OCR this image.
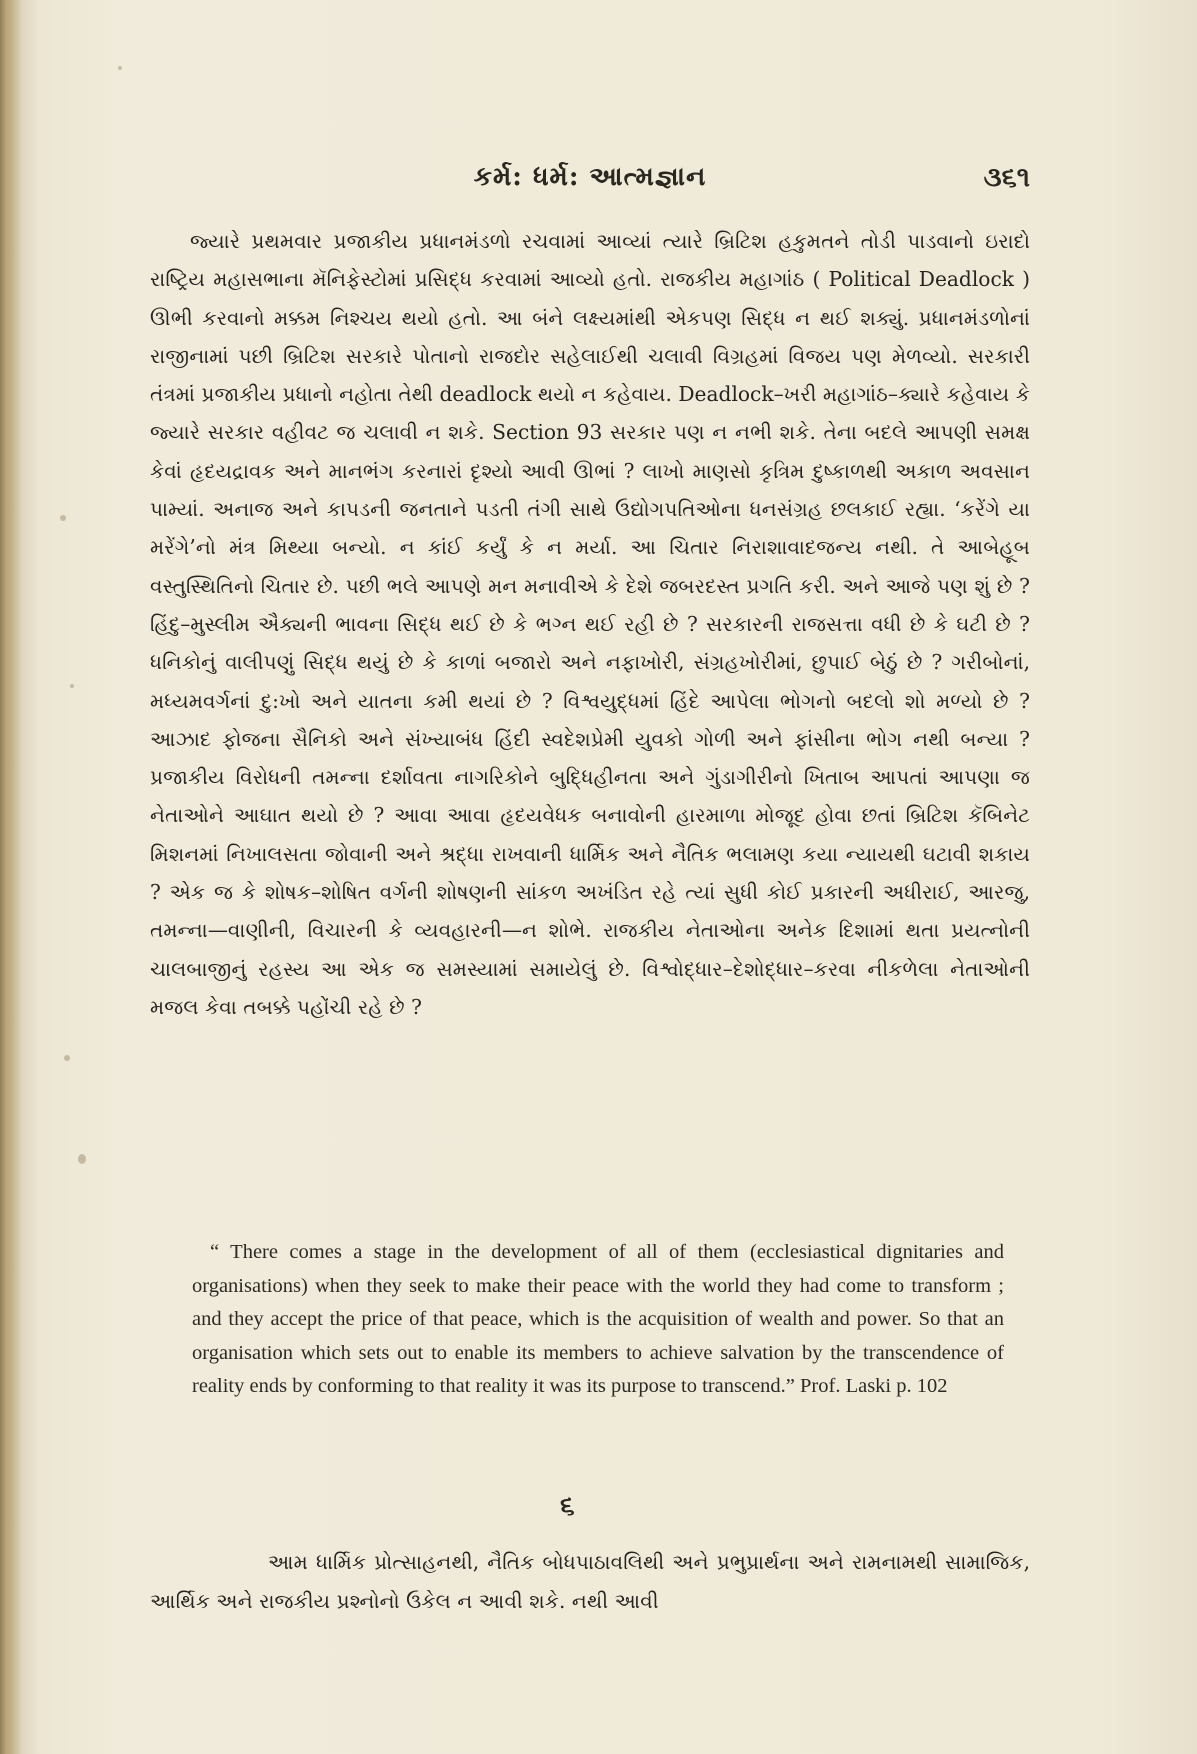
કર્મ: ધર્મ: આત્મજ્ઞાન	૩૬૧

જ્યારે પ્રથમવાર પ્રજાકીય પ્રધાનમંડળો રચવામાં આવ્યાં ત્યારે બ્રિટિશ હકુમતને તોડી પાડવાનો ઇરાદો રાષ્ટ્રિય મહાસભાના મૅનિફેસ્ટોમાં પ્રસિદ્ધ કરવામાં આવ્યો હતો. રાજકીય મહાગાંઠ ( Political Deadlock ) ઊભી કરવાનો મક્કમ નિશ્ચય થયો હતો. આ બંને લક્ષ્યમાંથી એકપણ સિદ્ધ ન થઈ શક્યું. પ્રધાનમંડળોનાં રાજીનામાં પછી બ્રિટિશ સરકારે પોતાનો રાજદોર સહેલાઈથી ચલાવી વિગ્રહમાં વિજય પણ મેળવ્યો. સરકારી તંત્રમાં પ્રજાકીય પ્રધાનો નહોતા તેથી deadlock થયો ન કહેવાય. Deadlock–ખરી મહાગાંઠ–ક્યારે કહેવાય કે જ્યારે સરકાર વહીવટ જ ચલાવી ન શકે. Section 93 સરકાર પણ ન નભી શકે. તેના બદલે આપણી સમક્ષ કેવાં હૃદયદ્રાવક અને માનભંગ કરનારાં દૃશ્યો આવી ઊભાં ? લાખો માણસો કૃત્રિમ દુષ્કાળથી અકાળ અવસાન પામ્યાં. અનાજ અને કાપડની જનતાને પડતી તંગી સાથે ઉદ્યોગપતિઓના ધનસંગ્રહ છલકાઈ રહ્યા. ‘કરેંગે યા મરેંગે’નો મંત્ર મિથ્યા બન્યો. ન કાંઈ કર્યું કે ન મર્યા. આ ચિતાર નિરાશાવાદજન્ય નથી. તે આબેહૂબ વસ્તુસ્થિતિનો ચિતાર છે. પછી ભલે આપણે મન મનાવીએ કે દેશે જબરદસ્ત પ્રગતિ કરી. અને આજે પણ શું છે ? હિંદુ–મુસ્લીમ ઐક્યની ભાવના સિદ્ધ થઈ છે કે ભગ્ન થઈ રહી છે ? સરકારની રાજસત્તા વધી છે કે ઘટી છે ? ધનિકોનું વાલીપણું સિદ્ધ થયું છે કે કાળાં બજારો અને નફાખોરી, સંગ્રહખોરીમાં, છુપાઈ બેઠું છે ? ગરીબોનાં, મધ્યમવર્ગનાં દુ:ખો અને યાતના કમી થયાં છે ? વિશ્વયુદ્ધમાં હિંદે આપેલા ભોગનો બદલો શો મળ્યો છે ? આઝાદ ફોજના સૈનિકો અને સંખ્યાબંધ હિંદી સ્વદેશપ્રેમી યુવકો ગોળી અને ફાંસીના ભોગ નથી બન્યા ? પ્રજાકીય વિરોધની તમન્ના દર્શાવતા નાગરિકોને બુદ્ધિહીનતા અને ગુંડાગીરીનો ખિતાબ આપતાં આપણા જ નેતાઓને આઘાત થયો છે ? આવા આવા હૃદયવેધક બનાવોની હારમાળા મોજૂદ હોવા છતાં બ્રિટિશ કૅબિનેટ મિશનમાં નિખાલસતા જોવાની અને શ્રદ્ધા રાખવાની ધાર્મિક અને નૈતિક ભલામણ કયા ન્યાયથી ઘટાવી શકાય ? એક જ કે શોષક–શોષિત વર્ગની શોષણની સાંકળ અખંડિત રહે ત્યાં સુધી કોઈ પ્રકારની અધીરાઈ, આરજુ, તમન્ના—વાણીની, વિચારની કે વ્યવહારની—ન શોભે. રાજકીય નેતાઓના અનેક દિશામાં થતા પ્રયત્નોની ચાલબાજીનું રહસ્ય આ એક જ સમસ્યામાં સમાયેલું છે. વિશ્વોદ્ધાર–દેશોદ્ધાર–કરવા નીકળેલા નેતાઓની મજલ કેવા તબક્કે પહોંચી રહે છે ?

“ There comes a stage in the development of all of them (ecclesiastical dignitaries and organisations) when they seek to make their peace with the world they had come to transform ; and they accept the price of that peace, which is the acquisition of wealth and power. So that an organisation which sets out to enable its members to achieve salvation by the transcendence of reality ends by conforming to that reality it was its purpose to transcend.” Prof. Laski p. 102

૬

આમ ધાર્મિક પ્રોત્સાહનથી, નૈતિક બોધપાઠાવલિથી અને પ્રભુપ્રાર્થના અને રામનામથી સામાજિક, આર્થિક અને રાજકીય પ્રશ્નોનો ઉકેલ ન આવી શકે. નથી આવી
